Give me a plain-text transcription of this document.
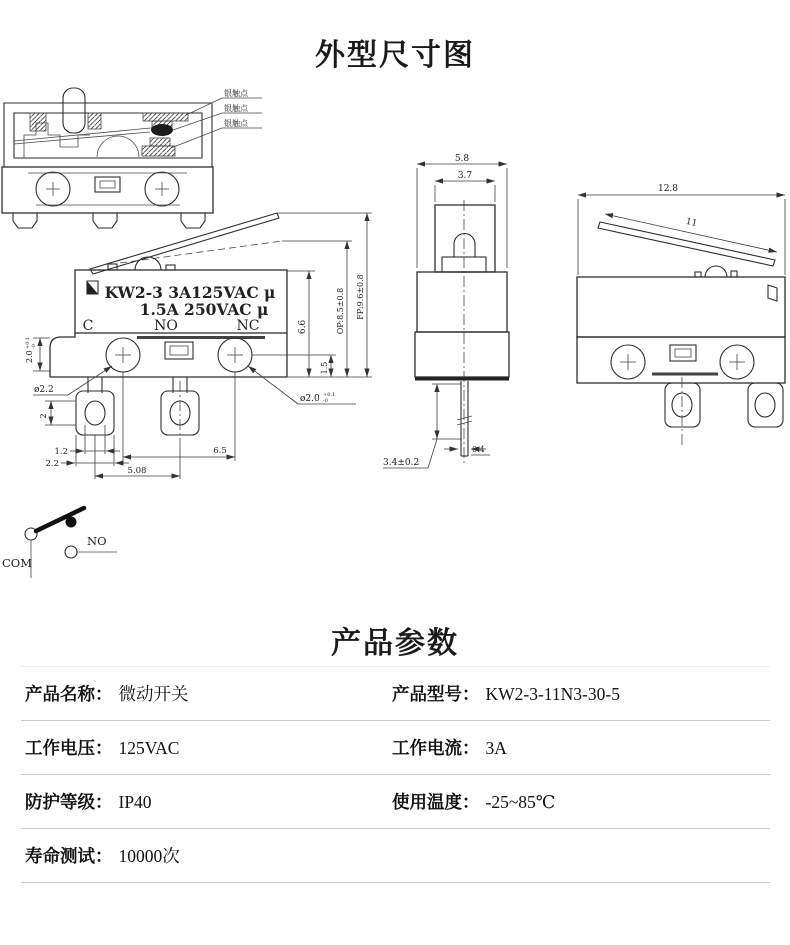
外型尺寸图
银触点
银触点
银触点
KW2-3 3A125VAC μ
1.5A 250VAC μ
C	NO	NC	6.6
1.5
OP:8.5±0.8 FP:9.6±0.8
2.0
+0.1 -0
ø2.2
2
1.2
2.2
5.08
6.5
ø2.0 +0.1
-0
5.8
3.7
3.4±0.2
0.4
11
12.8
COM
NO
产品参数
产品名称： 微动开关	产品型号： KW2-3-11N3-30-5
工作电压： 125VAC	工作电流： 3A
防护等级： IP40	使用温度： -25~85℃
寿命测试： 10000次
